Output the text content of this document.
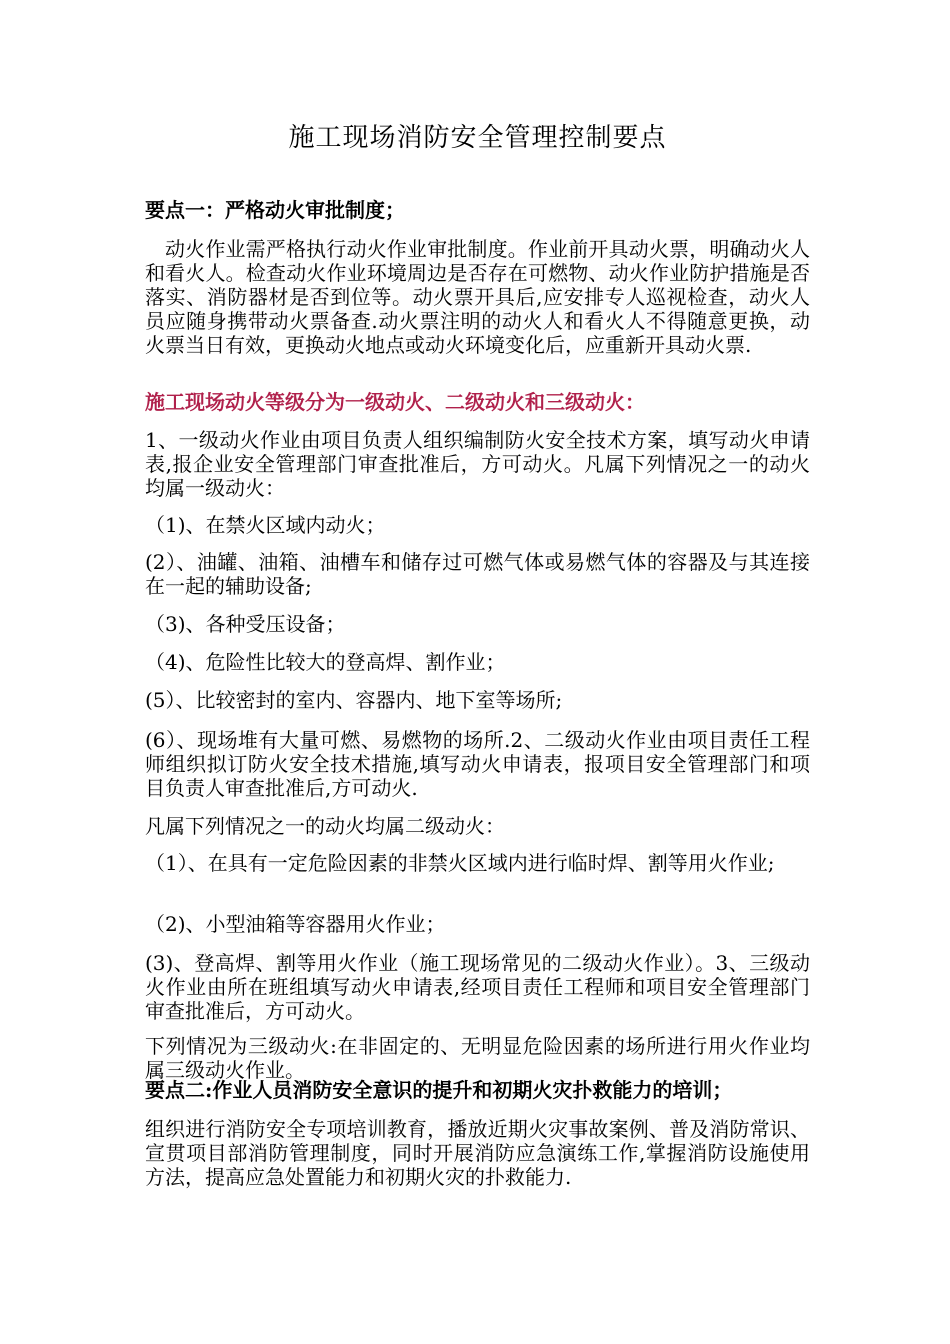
施工现场消防安全管理控制要点

要点一：严格动火审批制度；

动火作业需严格执行动火作业审批制度。作业前开具动火票，明确动火人和看火人。检查动火作业环境周边是否存在可燃物、动火作业防护措施是否落实、消防器材是否到位等。动火票开具后,应安排专人巡视检查，动火人员应随身携带动火票备查.动火票注明的动火人和看火人不得随意更换，动火票当日有效，更换动火地点或动火环境变化后，应重新开具动火票.

施工现场动火等级分为一级动火、二级动火和三级动火：

1、一级动火作业由项目负责人组织编制防火安全技术方案，填写动火申请表,报企业安全管理部门审查批准后，方可动火。凡属下列情况之一的动火均属一级动火：

（1)、在禁火区域内动火；

(2）、油罐、油箱、油槽车和储存过可燃气体或易燃气体的容器及与其连接在一起的辅助设备;

（3)、各种受压设备；

（4)、危险性比较大的登高焊、割作业；

(5）、比较密封的室内、容器内、地下室等场所;

(6）、现场堆有大量可燃、易燃物的场所.2、二级动火作业由项目责任工程师组织拟订防火安全技术措施,填写动火申请表，报项目安全管理部门和项目负责人审查批准后,方可动火.

凡属下列情况之一的动火均属二级动火：

（1）、在具有一定危险因素的非禁火区域内进行临时焊、割等用火作业;

（2)、小型油箱等容器用火作业；

(3)、登高焊、割等用火作业（施工现场常见的二级动火作业）。3、三级动火作业由所在班组填写动火申请表,经项目责任工程师和项目安全管理部门审查批准后，方可动火。

下列情况为三级动火:在非固定的、无明显危险因素的场所进行用火作业均属三级动火作业。

要点二:作业人员消防安全意识的提升和初期火灾扑救能力的培训；

组织进行消防安全专项培训教育，播放近期火灾事故案例、普及消防常识、宣贯项目部消防管理制度，同时开展消防应急演练工作,掌握消防设施使用方法，提高应急处置能力和初期火灾的扑救能力.
